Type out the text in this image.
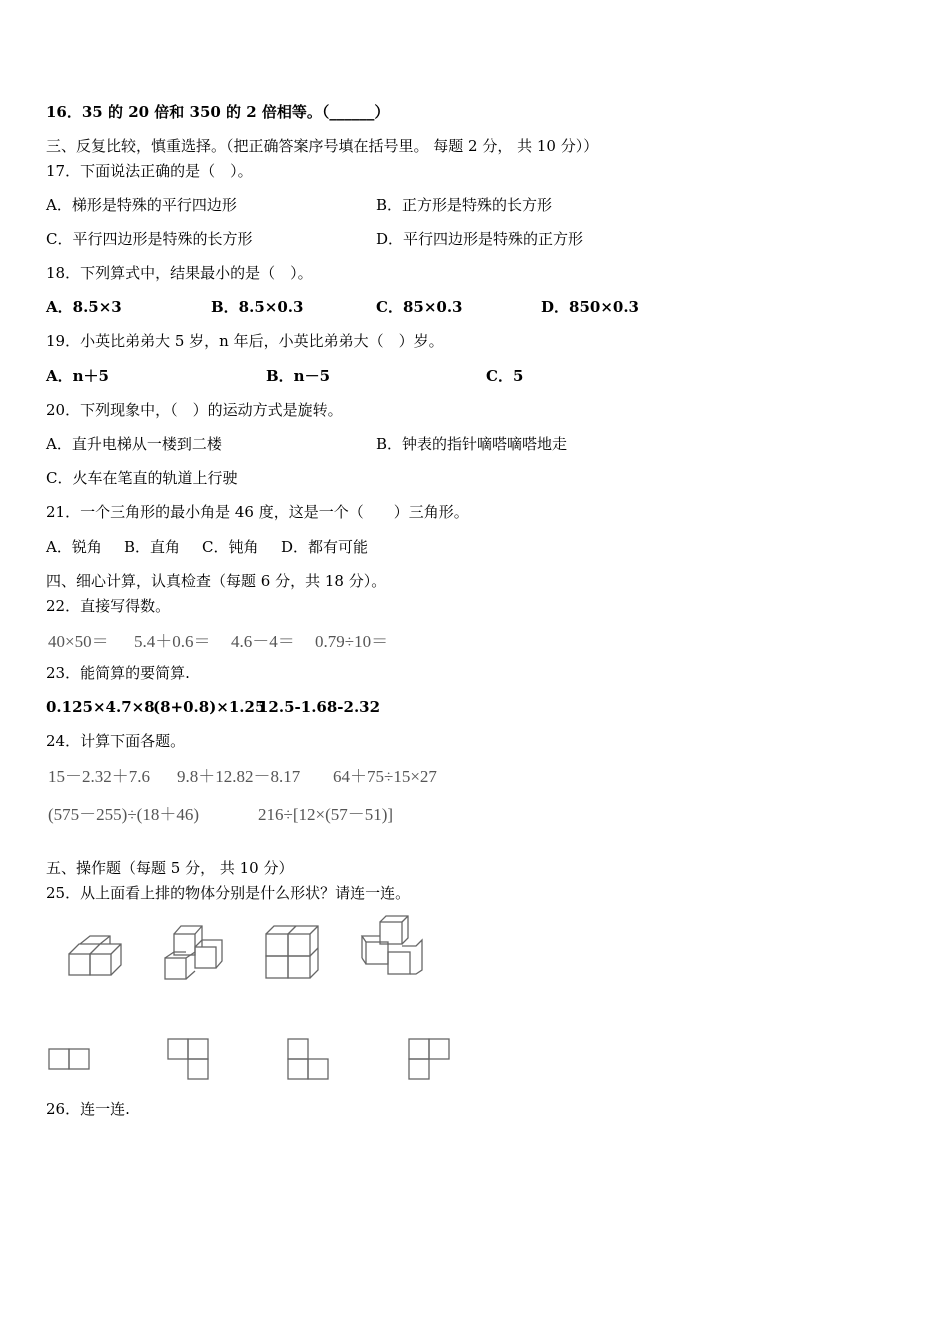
16．35 的 20 倍和 350 的 2 倍相等。（______）
三、反复比较，慎重选择。（把正确答案序号填在括号里。 每题 2 分， 共 10 分））
17．下面说法正确的是（　）。
A．梯形是特殊的平行四边形	B．正方形是特殊的长方形
C．平行四边形是特殊的长方形	D．平行四边形是特殊的正方形
18．下列算式中，结果最小的是（　）。
A．8.5×3	B．8.5×0.3	C．85×0.3	D．850×0.3
19．小英比弟弟大 5 岁，n 年后，小英比弟弟大（　）岁。
A．n＋5	B．n－5	C．5
20．下列现象中，（　）的运动方式是旋转。
A．直升电梯从一楼到二楼	B．钟表的指针嘀嗒嘀嗒地走
C．火车在笔直的轨道上行驶
21．一个三角形的最小角是 46 度，这是一个（　　）三角形。
A．锐角 B．直角 C．钝角 D．都有可能
四、细心计算，认真检查（每题 6 分，共 18 分）。
22．直接写得数。
40×50＝ 5.4＋0.6＝ 4.6－4＝ 0.79÷10＝
23．能简算的要简算.
0.125×4.7×8
(8+0.8)×1.25
12.5-1.68-2.32
24．计算下面各题。
15－2.32＋7.6 9.8＋12.82－8.17 64＋75÷15×27
(575－255)÷(18＋46)	216÷[12×(57－51)]
五、操作题（每题 5 分， 共 10 分）
25．从上面看上排的物体分别是什么形状？请连一连。
26．连一连.
